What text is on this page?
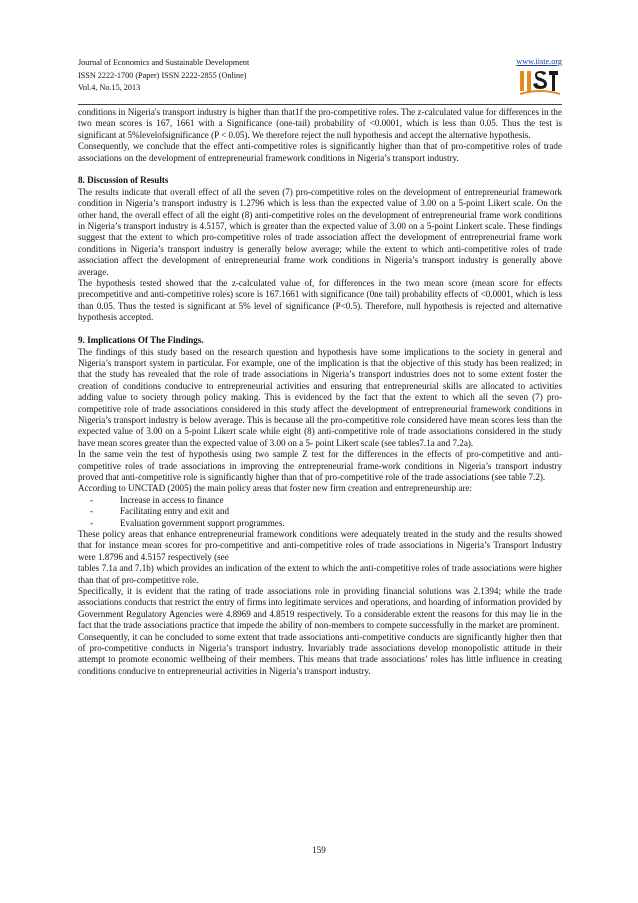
Journal of Economics and Sustainable Development
ISSN 2222-1700 (Paper) ISSN 2222-2855 (Online)
Vol.4, No.15, 2013
www.iiste.org

conditions in Nigeria's transport industry is higher than that1f the pro-competitive roles. The z-calculated value for differences in the two mean scores is 167, 1661 with a Significance (one-tail) probability of <0.0001, which is less than 0.05. Thus the test is significant at 5%levelofsignificance (P < 0.05). We therefore reject the null hypothesis and accept the alternative hypothesis.

Consequently, we conclude that the effect anti-competitive roles is significantly higher than that of pro-competitive roles of trade associations on the development of entrepreneurial framework conditions in Nigeria’s transport industry.

8. Discussion of Results

The results indicate that overall effect of all the seven (7) pro-competitive roles on the development of entrepreneurial framework condition in Nigeria’s transport industry is 1.2796 which is less than the expected value of 3.00 on a 5-point Likert scale. On the other hand, the overall effect of all the eight (8) anti-competitive roles on the development of entrepreneurial frame work conditions in Nigeria’s transport industry is 4.5157, which is greater than the expected value of 3.00 on a 5-point Linkert scale. These findings suggest that the extent to which pro-competitive roles of trade association affect the development of entrepreneurial frame work conditions in Nigeria’s transport industry is generally below average; while the extent to which anti-competitive roles of trade association affect the development of entrepreneurial frame work conditions in Nigeria’s transport industry is generally above average.

The hypothesis tested showed that the z-calculated value of, for differences in the two mean score (mean score for effects precompetitive and anti-competitive roles) score is 167.1661 with significance (0ne tail) probability effects of <0.0001, which is less than 0.05. Thus the tested is significant at 5% level of significance (P<0.5). Therefore, null hypothesis is rejected and alternative hypothesis accepted.

9. Implications Of The Findings.

The findings of this study based on the research question and hypothesis have some implications to the society in general and Nigeria’s transport system in particular. For example, one of the implication is that the objective of this study has been realized; in that the study has revealed that the role of trade associations in Nigeria’s transport industries does not to some extent foster the creation of conditions conducive to entrepreneurial activities and ensuring that entrepreneurial skills are allocated to activities adding value to society through policy making. This is evidenced by the fact that the extent to which all the seven (7) pro-competitive role of trade associations considered in this study affect the development of entrepreneurial framework conditions in Nigeria’s transport industry is below average. This is because all the pro-competitive role considered have mean scores less than the expected value of 3.00 on a 5-point Likert scale while eight (8) anti-competitive role of trade associations considered in the study have mean scores greater than the expected value of 3.00 on a 5- point Likert scale (see tables7.1a and 7.2a).

In the same vein the test of hypothesis using two sample Z test for the differences in the effects of pro-competitive and anti-competitive roles of trade associations in improving the entrepreneurial frame-work conditions in Nigeria’s transport industry proved that anti-competitive role is significantly higher than that of pro-competitive role of the trade associations (see table 7.2).

According to UNCTAD (2005) the main policy areas that foster new firm creation and entrepreneurship are:

-	Increase in access to finance

-	Facilitating entry and exit and

-	Evaluation government support programmes.

These policy areas that enhance entrepreneurial framework conditions were adequately treated in the study and the results showed that for instance mean scores for pro-competitive and anti-competitive roles of trade associations in Nigeria’s Transport Industry were 1.8796 and 4.5157 respectively (see

tables 7.1a and 7.1b) which provides an indication of the extent to which the anti-competitive roles of trade associations were higher than that of pro-competitive role.

Specifically, it is evident that the rating of trade associations role in providing financial solutions was 2.1394; while the trade associations conducts that restrict the entry of firms into legitimate services and operations, and hoarding of information provided by Government Regulatory Agencies were 4.8969 and 4.8519 respectively. To a considerable extent the reasons for this may lie in the fact that the trade associations practice that impede the ability of non-members to compete successfully in the market are prominent.

Consequently, it can be concluded to some extent that trade associations anti-competitive conducts are significantly higher then that of pro-competitive conducts in Nigeria’s transport industry. Invariably trade associations develop monopolistic attitude in their attempt to promote economic wellbeing of their members. This means that trade associations’ roles has little influence in creating conditions conducive to entrepreneurial activities in Nigeria’s transport industry.

159
